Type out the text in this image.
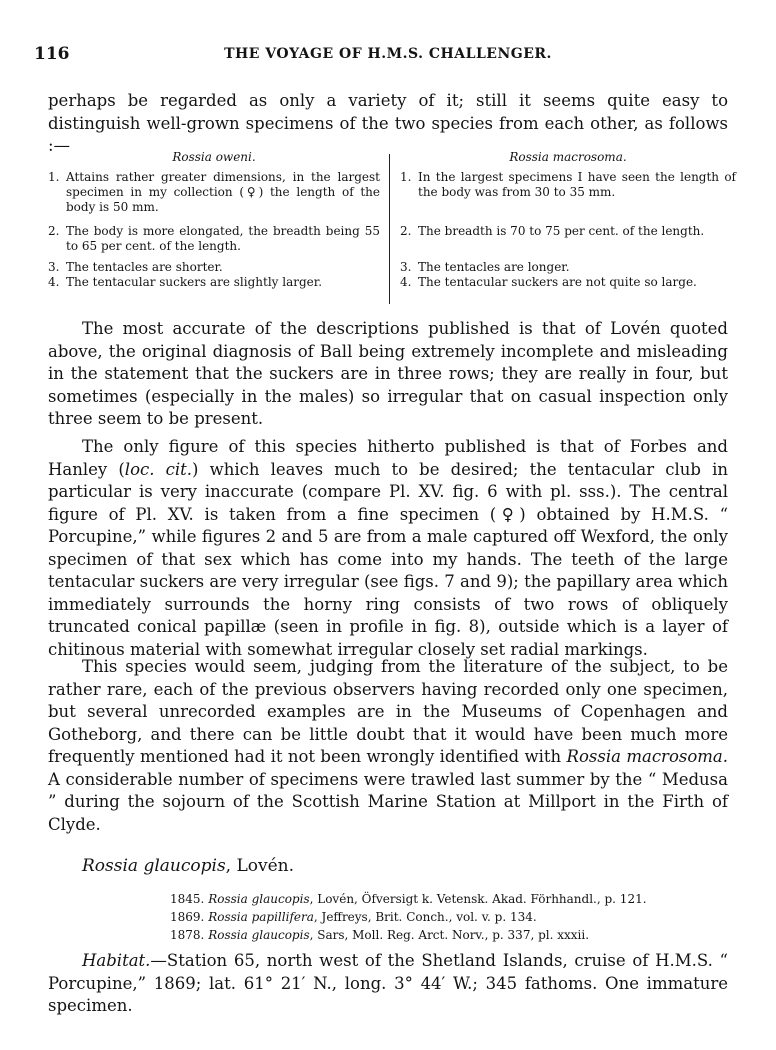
116	THE VOYAGE OF H.M.S. CHALLENGER.

perhaps be regarded as only a variety of it; still it seems quite easy to distinguish well-grown specimens of the two species from each other, as follows :—

Rossia oweni.
1. Attains rather greater dimensions, in the largest specimen in my collection (♀) the length of the body is 50 mm.
2. The body is more elongated, the breadth being 55 to 65 per cent. of the length.
3. The tentacles are shorter.
4. The tentacular suckers are slightly larger.
Rossia macrosoma.
1. In the largest specimens I have seen the length of the body was from 30 to 35 mm.
2. The breadth is 70 to 75 per cent. of the length.
3. The tentacles are longer.
4. The tentacular suckers are not quite so large.

The most accurate of the descriptions published is that of Lovén quoted above, the original diagnosis of Ball being extremely incomplete and misleading in the statement that the suckers are in three rows; they are really in four, but sometimes (especially in the males) so irregular that on casual inspection only three seem to be present.

The only figure of this species hitherto published is that of Forbes and Hanley (loc. cit.) which leaves much to be desired; the tentacular club in particular is very inaccurate (compare Pl. XV. fig. 6 with pl. sss.). The central figure of Pl. XV. is taken from a fine specimen (♀) obtained by H.M.S. “ Porcupine,” while figures 2 and 5 are from a male captured off Wexford, the only specimen of that sex which has come into my hands. The teeth of the large tentacular suckers are very irregular (see figs. 7 and 9); the papillary area which immediately surrounds the horny ring consists of two rows of obliquely truncated conical papillæ (seen in profile in fig. 8), outside which is a layer of chitinous material with somewhat irregular closely set radial markings.

This species would seem, judging from the literature of the subject, to be rather rare, each of the previous observers having recorded only one specimen, but several unrecorded examples are in the Museums of Copenhagen and Gotheborg, and there can be little doubt that it would have been much more frequently mentioned had it not been wrongly identified with Rossia macrosoma. A considerable number of specimens were trawled last summer by the “ Medusa ” during the sojourn of the Scottish Marine Station at Millport in the Firth of Clyde.

Rossia glaucopis, Lovén.

1845. Rossia glaucopis, Lovén, Öfversigt k. Vetensk. Akad. Förhhandl., p. 121.
1869. Rossia papillifera, Jeffreys, Brit. Conch., vol. v. p. 134.
1878. Rossia glaucopis, Sars, Moll. Reg. Arct. Norv., p. 337, pl. xxxii.

Habitat.—Station 65, north west of the Shetland Islands, cruise of H.M.S. “ Porcupine,” 1869; lat. 61° 21′ N., long. 3° 44′ W.; 345 fathoms. One immature specimen.
